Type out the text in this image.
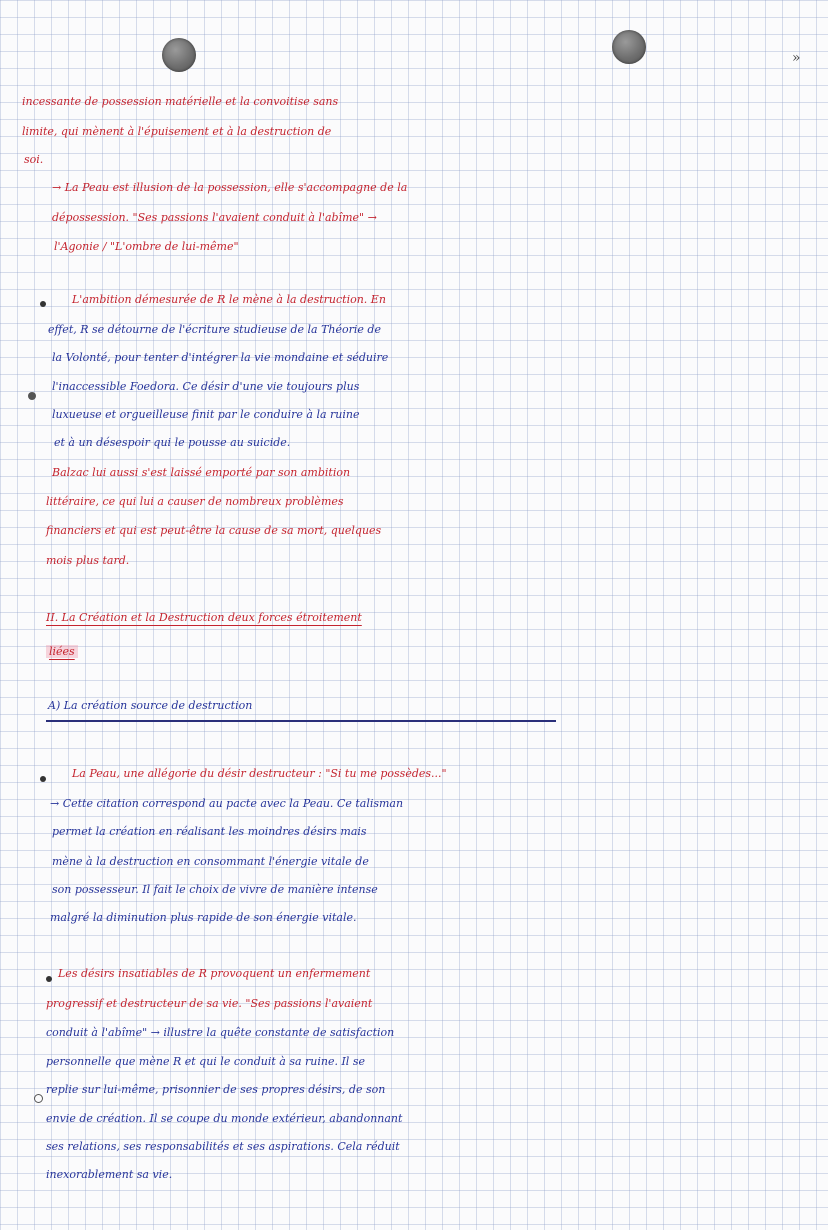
»
incessante de possession matérielle et la convoitise sans
limite, qui mènent à l'épuisement et à la destruction de
soi.
→ La Peau est illusion de la possession, elle s'accompagne de la
dépossession. "Ses passions l'avaient conduit à l'abîme" →
l'Agonie / "L'ombre de lui-même"
L'ambition démesurée de R le mène à la destruction. En
effet, R se détourne de l'écriture studieuse de la Théorie de
la Volonté, pour tenter d'intégrer la vie mondaine et séduire
l'inaccessible Foedora. Ce désir d'une vie toujours plus
luxueuse et orgueilleuse finit par le conduire à la ruine
et à un désespoir qui le pousse au suicide.
Balzac lui aussi s'est laissé emporté par son ambition
littéraire, ce qui lui a causer de nombreux problèmes
financiers et qui est peut-être la cause de sa mort, quelques
mois plus tard.
II. La Création et la Destruction deux forces étroitement
liées
A) La création source de destruction
La Peau, une allégorie du désir destructeur : "Si tu me possèdes..."
→ Cette citation correspond au pacte avec la Peau. Ce talisman
permet la création en réalisant les moindres désirs mais
mène à la destruction en consommant l'énergie vitale de
son possesseur. Il fait le choix de vivre de manière intense
malgré la diminution plus rapide de son énergie vitale.
Les désirs insatiables de R provoquent un enfermement
progressif et destructeur de sa vie. "Ses passions l'avaient
conduit à l'abîme" → illustre la quête constante de satisfaction
personnelle que mène R et qui le conduit à sa ruine. Il se
replie sur lui-même, prisonnier de ses propres désirs, de son
envie de création. Il se coupe du monde extérieur, abandonnant
ses relations, ses responsabilités et ses aspirations. Cela réduit
inexorablement sa vie.
